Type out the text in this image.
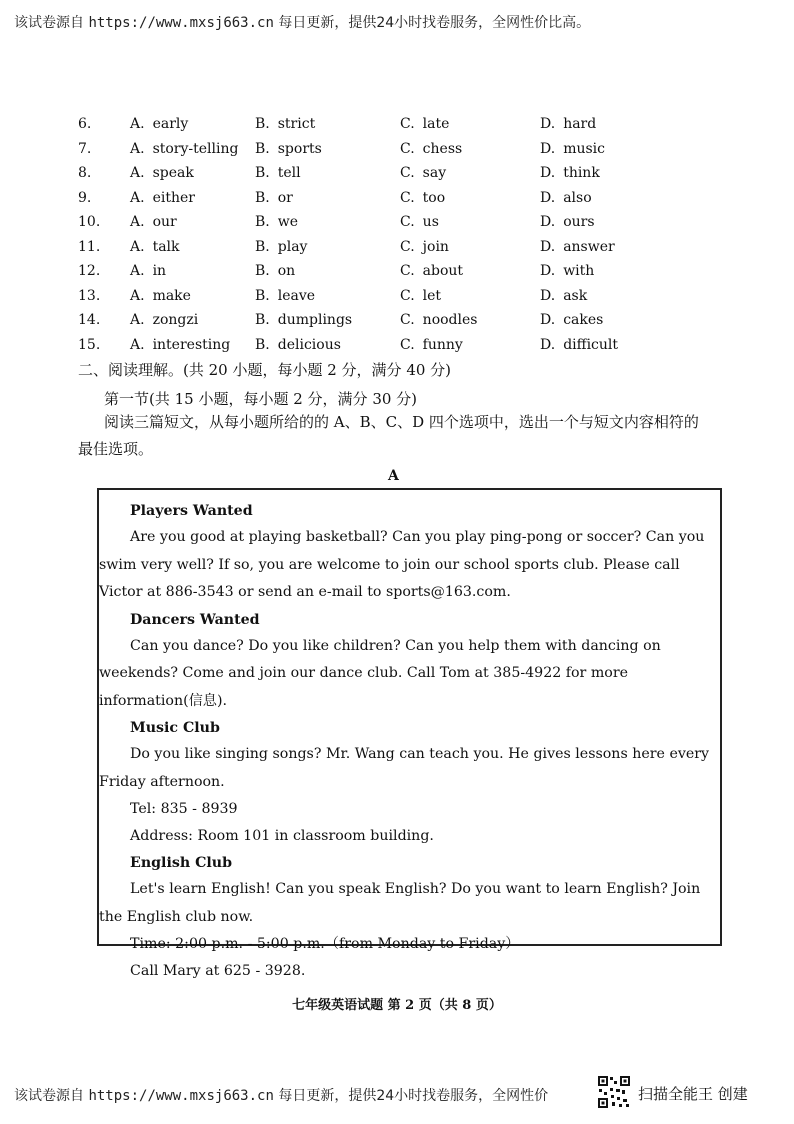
该试卷源自 https://www.mxsj663.cn 每日更新，提供24小时找卷服务，全网性价比高。
6.	A. early	B. strict	C. late	D. hard
7.	A. story-telling B. sports	C. chess	D. music
8.	A. speak	B. tell	C. say	D. think
9.	A. either	B. or	C. too	D. also
10.	A. our	B. we	C. us	D. ours
11.	A. talk	B. play	C. join	D. answer
12.	A. in	B. on	C. about	D. with
13.	A. make	B. leave	C. let	D. ask
14.	A. zongzi	B. dumplings	C. noodles	D. cakes
15.	A. interesting B. delicious	C. funny	D. difficult
二、阅读理解。(共 20 小题，每小题 2 分，满分 40 分)
第一节(共 15 小题，每小题 2 分，满分 30 分)
阅读三篇短文，从每小题所给的的 A、B、C、D 四个选项中，选出一个与短文内容相符的最佳选项。
A
Players Wanted
Are you good at playing basketball? Can you play ping-pong or soccer? Can you swim very well? If so, you are welcome to join our school sports club. Please call Victor at 886-3543 or send an e-mail to sports@163.com.
Dancers Wanted
Can you dance? Do you like children? Can you help them with dancing on weekends? Come and join our dance club. Call Tom at 385-4922 for more information(信息).
Music Club
Do you like singing songs? Mr. Wang can teach you. He gives lessons here every Friday afternoon.
Tel: 835 - 8939
Address: Room 101 in classroom building.
English Club
Let's learn English! Can you speak English? Do you want to learn English? Join the English club now.
Time: 2:00 p.m. - 5:00 p.m.（from Monday to Friday）
Call Mary at 625 - 3928.
七年级英语试题 第 2 页（共 8 页）
该试卷源自 https://www.mxsj663.cn 每日更新，提供24小时找卷服务，全网性价	扫描全能王 创建
